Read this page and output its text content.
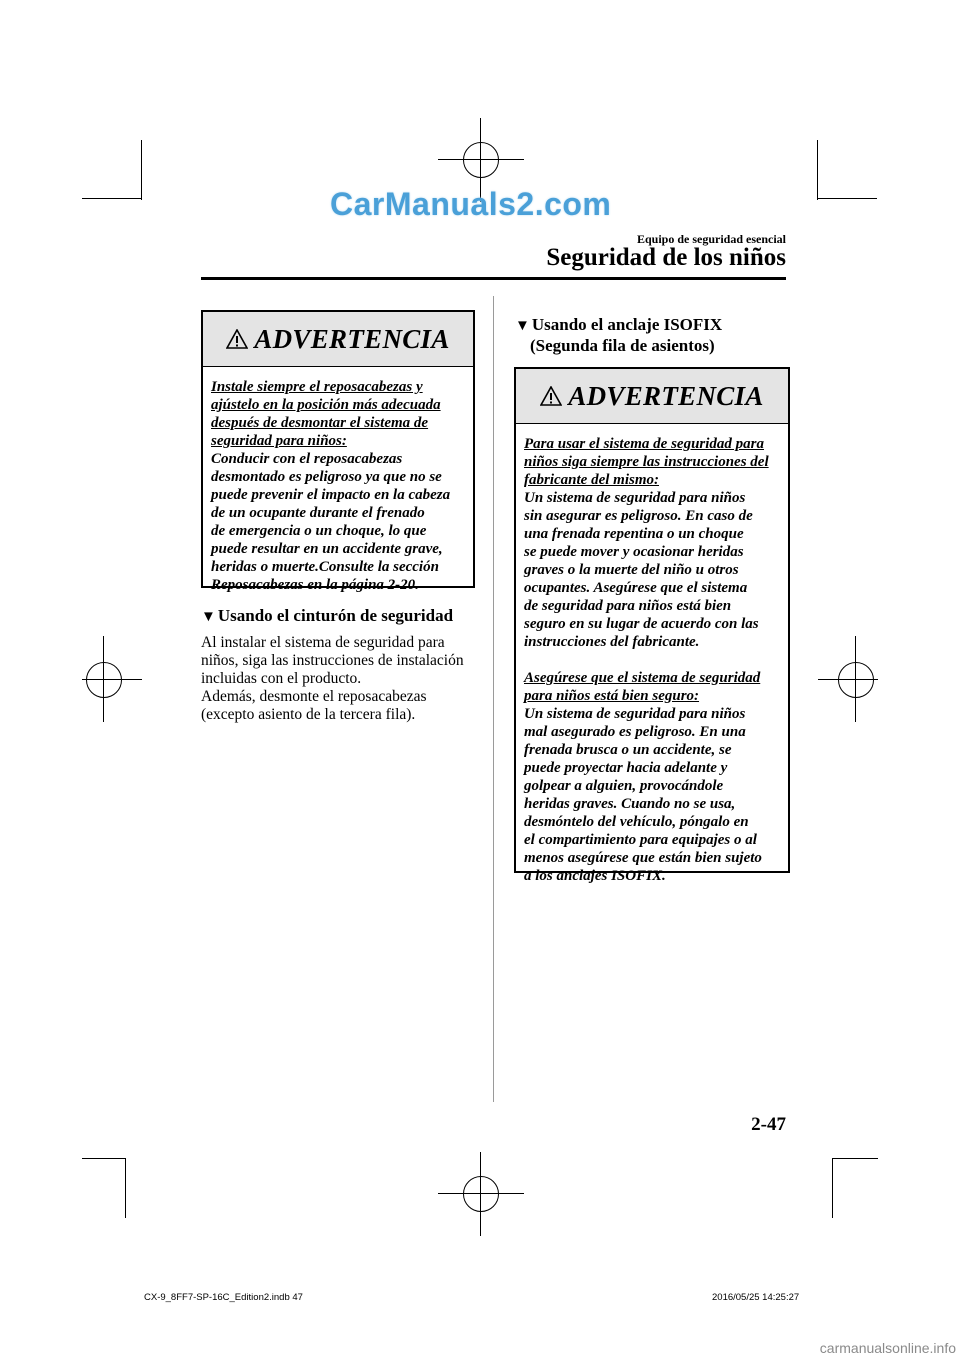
CarManuals2.com
Equipo de seguridad esencial
Seguridad de los niños
ADVERTENCIA

Instale siempre el reposacabezas y

ajústelo en la posición más adecuada

después de desmontar el sistema de

seguridad para niños:

Conducir con el reposacabezas

desmontado es peligroso ya que no se

puede prevenir el impacto en la cabeza

de un ocupante durante el frenado

de emergencia o un choque, lo que

puede resultar en un accidente grave,

heridas o muerte.Consulte la sección

Reposacabezas en la página 2-20.

▼ Usando el cinturón de seguridad

Al instalar el sistema de seguridad para

niños, siga las instrucciones de instalación

incluidas con el producto.

Además, desmonte el reposacabezas

(excepto asiento de la tercera fila).

▼ Usando el anclaje ISOFIX
(Segunda fila de asientos)
ADVERTENCIA

Para usar el sistema de seguridad para

niños siga siempre las instrucciones del

fabricante del mismo:

Un sistema de seguridad para niños

sin asegurar es peligroso. En caso de

una frenada repentina o un choque

se puede mover y ocasionar heridas

graves o la muerte del niño u otros

ocupantes. Asegúrese que el sistema

de seguridad para niños está bien

seguro en su lugar de acuerdo con las

instrucciones del fabricante.

Asegúrese que el sistema de seguridad

para niños está bien seguro:

Un sistema de seguridad para niños

mal asegurado es peligroso. En una

frenada brusca o un accidente, se

puede proyectar hacia adelante y

golpear a alguien, provocándole

heridas graves. Cuando no se usa,

desmóntelo del vehículo, póngalo en

el compartimiento para equipajes o al

menos asegúrese que están bien sujeto

a los anclajes ISOFIX.

2-47
CX-9_8FF7-SP-16C_Edition2.indb 47	2016/05/25 14:25:27
carmanualsonline.info
